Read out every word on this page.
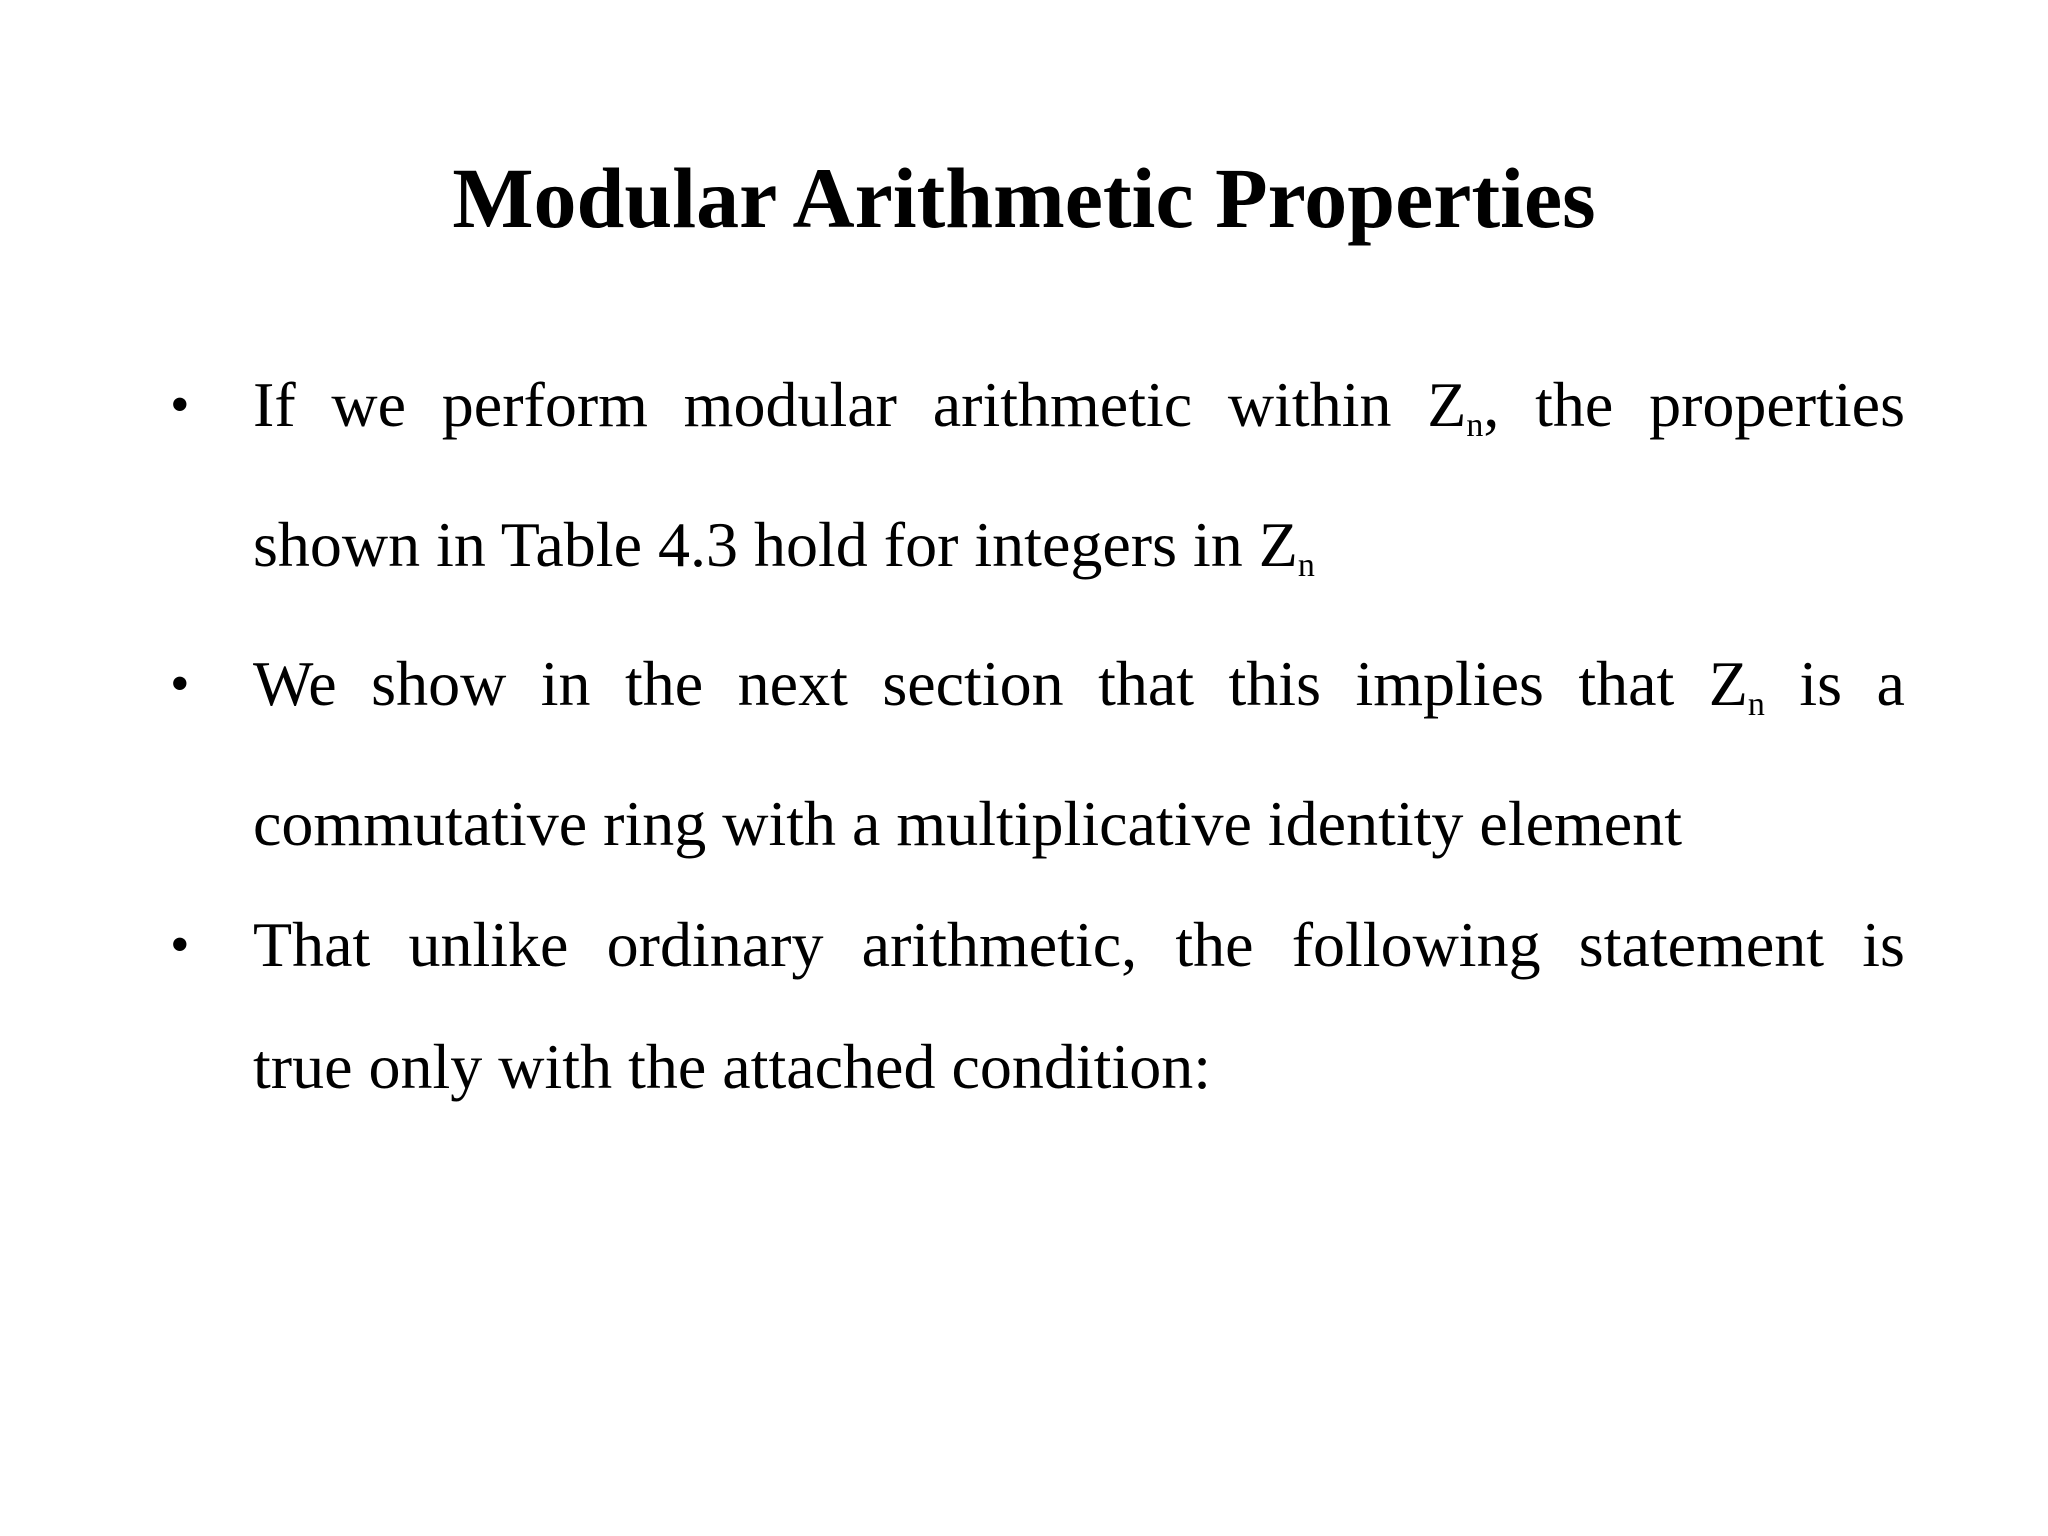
Modular Arithmetic Properties
• If we perform modular arithmetic within $Z_n$, the properties
shown in Table 4.3 hold for integers in $Z_n$
• We show in the next section that this implies that $Z_n$ is a
commutative ring with a multiplicative identity element
• That unlike ordinary arithmetic, the following statement is
true only with the attached condition:
